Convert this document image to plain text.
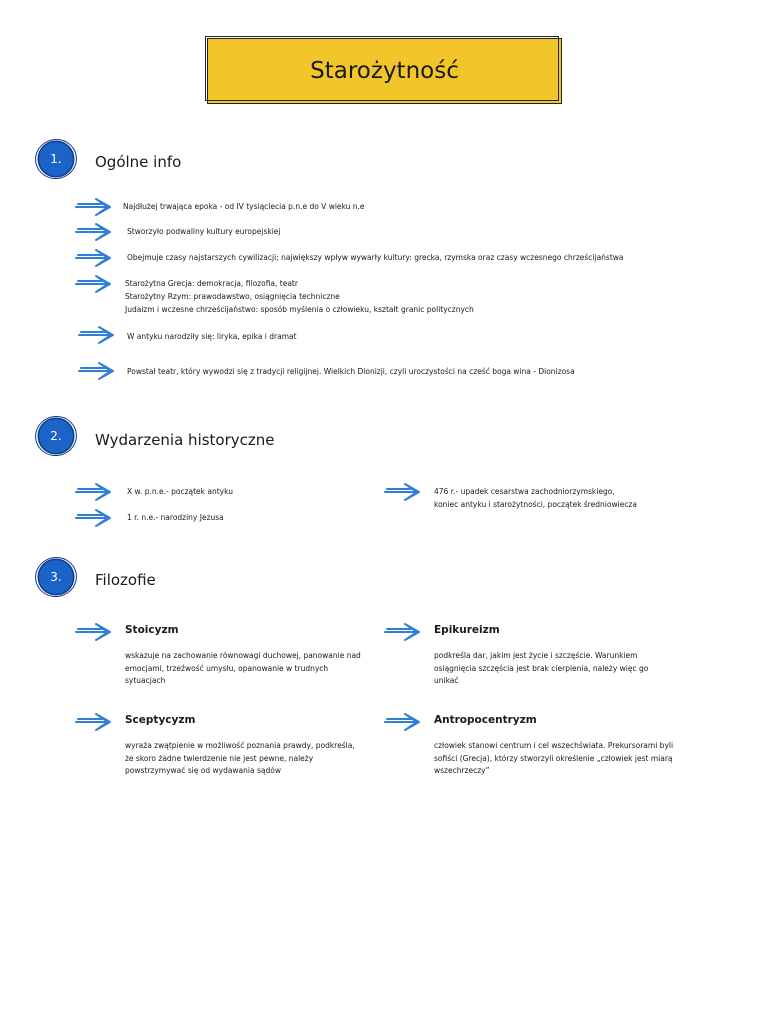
Starożytność
1.	Ogólne info
Najdłużej trwająca epoka - od IV tysiąclecia p.n.e do V wieku n.e
Stworzyło podwaliny kultury europejskiej
Obejmuje czasy najstarszych cywilizacji; największy wpływ wywarły kultury: grecka, rzymska oraz czasy wczesnego chrześcijaństwa
Starożytna Grecja: demokracja, filozofia, teatr
Starożytny Rzym: prawodawstwo, osiągnięcia techniczne
Judaizm i wczesne chrześcijaństwo: sposób myślenia o człowieku, kształt granic politycznych
W antyku narodziły się: liryka, epika i dramat
Powstał teatr, który wywodzi się z tradycji religijnej. Wielkich Dionizji, czyli uroczystości na cześć boga wina - Dionizosa
2.	Wydarzenia historyczne
X w. p.n.e.- początek antyku
1 r. n.e.- narodziny Jezusa
476 r.- upadek cesarstwa zachodniorzymskiego,
koniec antyku i starożytności, początek średniowiecza
3.	Filozofie
Stoicyzm
wskazuje na zachowanie równowagi duchowej, panowanie nad emocjami, trzeźwość umysłu, opanowanie w trudnych sytuacjach
Epikureizm
podkreśla dar, jakim jest życie i szczęście. Warunkiem osiągnięcia szczęścia jest brak cierpienia, należy więc go unikać
Sceptycyzm
wyraża zwątpienie w możliwość poznania prawdy, podkreśla, że skoro żadne twierdzenie nie jest pewne, należy powstrzymywać się od wydawania sądów
Antropocentryzm
człowiek stanowi centrum i cel wszechświata. Prekursorami byli sofiści (Grecja), którzy stworzyli określenie „człowiek jest miarą wszechrzeczy”
